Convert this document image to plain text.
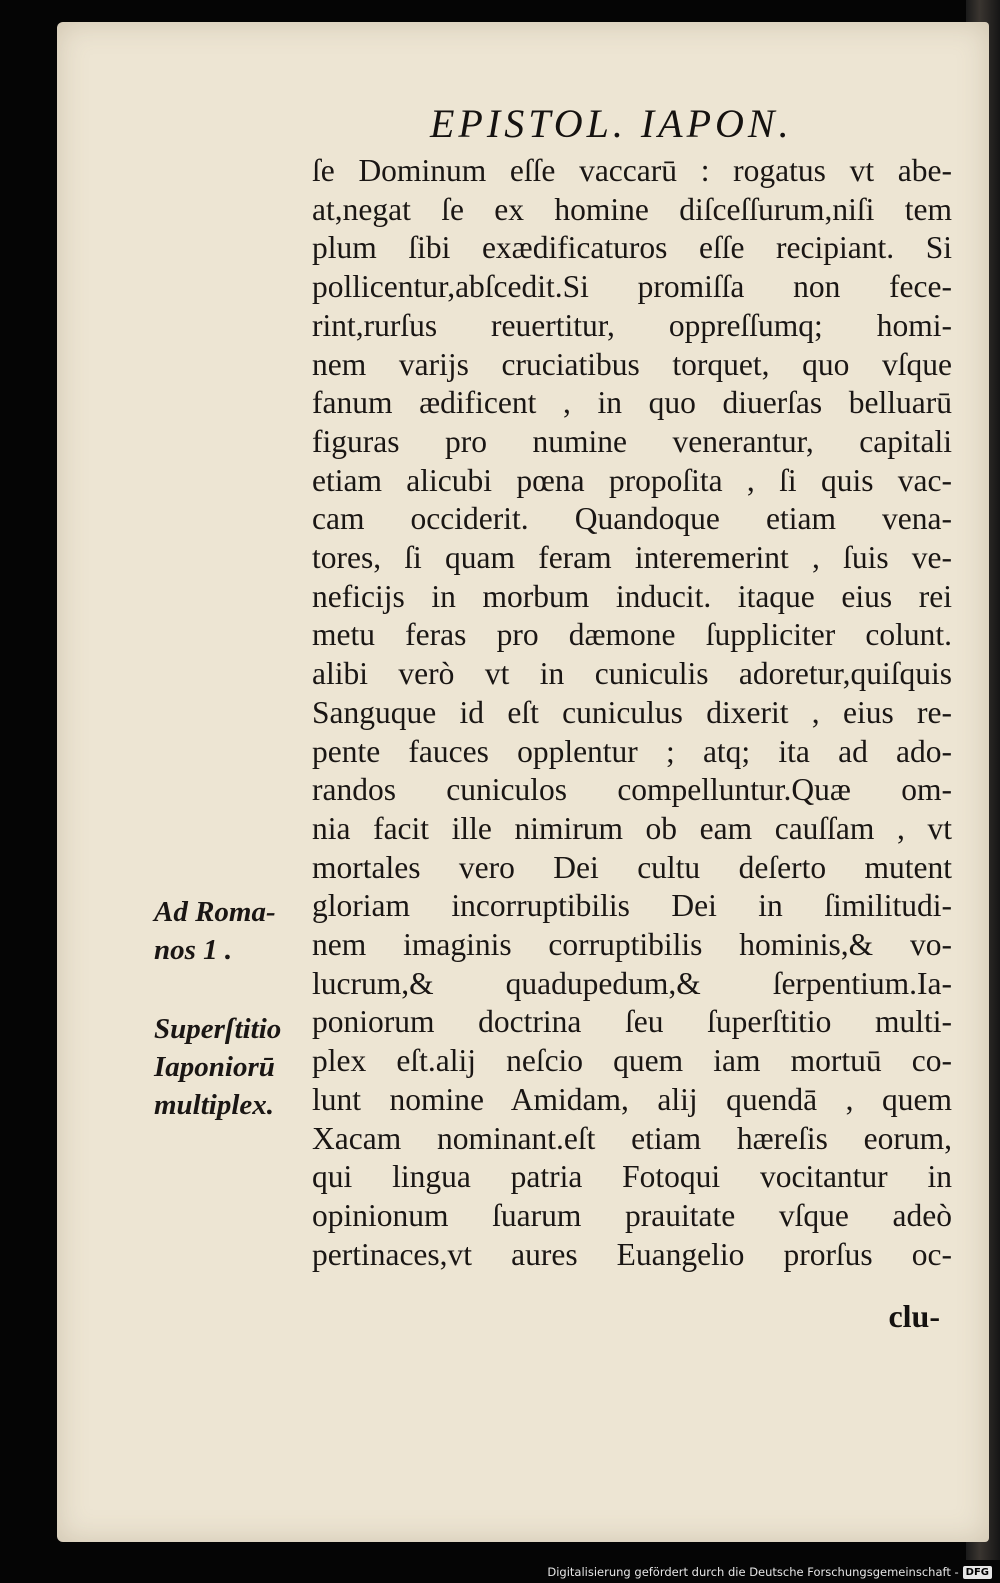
EPISTOL. IAPON.
ſe Dominum eſſe vaccarū : rogatus vt abe-
at,negat ſe ex homine diſceſſurum,niſi tem
plum ſibi exædificaturos eſſe recipiant. Si
pollicentur,abſcedit.Si promiſſa non fece-
rint,rurſus reuertitur, oppreſſumq; homi-
nem varijs cruciatibus torquet, quo vſque
fanum ædificent , in quo diuerſas belluarū
figuras pro numine venerantur, capitali
etiam alicubi pœna propoſita , ſi quis vac-
cam occiderit. Quandoque etiam vena-
tores, ſi quam feram interemerint , ſuis ve-
neficijs in morbum inducit. itaque eius rei
metu feras pro dæmone ſuppliciter colunt.
alibi verò vt in cuniculis adoretur,quiſquis
Sanguque id eſt cuniculus dixerit , eius re-
pente fauces opplentur ; atq; ita ad ado-
randos cuniculos compelluntur.Quæ om-
nia facit ille nimirum ob eam cauſſam , vt
mortales vero Dei cultu deſerto mutent
gloriam incorruptibilis Dei in ſimilitudi-
nem imaginis corruptibilis hominis,& vo-
lucrum,& quadupedum,& ſerpentium.Ia-
poniorum doctrina ſeu ſuperſtitio multi-
plex eſt.alij neſcio quem iam mortuū co-
lunt nomine Amidam, alij quendā , quem
Xacam nominant.eſt etiam hæreſis eorum,
qui lingua patria Fotoqui vocitantur in
opinionum ſuarum prauitate vſque adeò
pertinaces,vt aures Euangelio prorſus oc-
clu-
Ad Roma-
nos 1 .
Superſtitio
Iaponiorū
multiplex.
Digitalisierung gefördert durch die Deutsche Forschungsgemeinschaft - DFG
